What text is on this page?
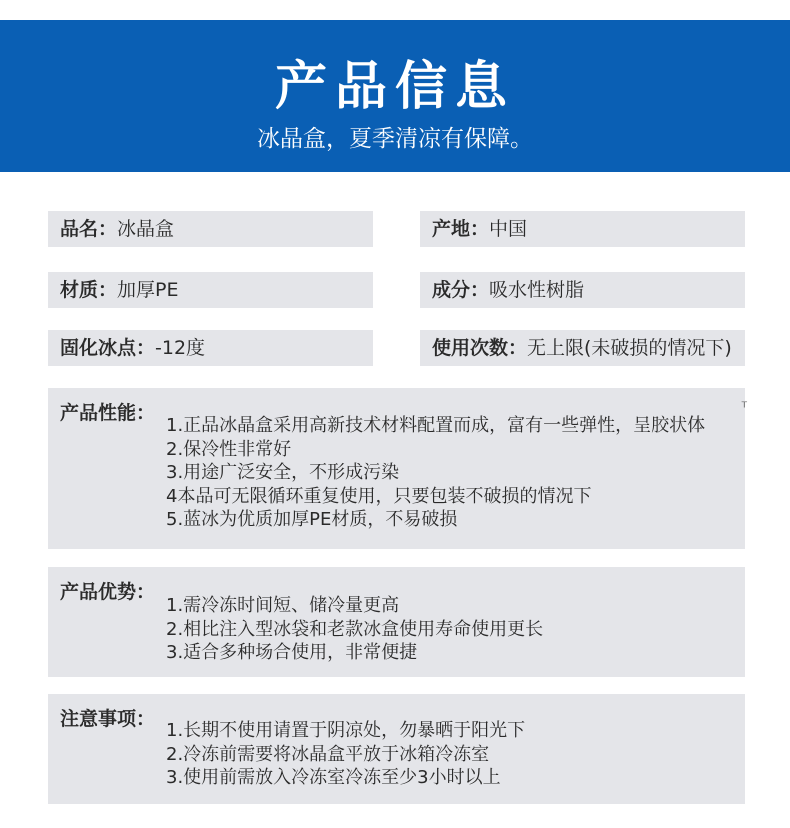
产品信息
冰晶盒，夏季清凉有保障。
品名：冰晶盒	产地：中国
材质：加厚PE	成分：吸水性树脂
固化冰点：-12度	使用次数：无上限(未破损的情况下)
产品性能：	ᵀ
1.正品冰晶盒采用高新技术材料配置而成，富有一些弹性，呈胶状体
2.保冷性非常好
3.用途广泛安全，不形成污染
4本品可无限循环重复使用，只要包装不破损的情况下
5.蓝冰为优质加厚PE材质，不易破损
产品优势：
1.需冷冻时间短、储冷量更高
2.相比注入型冰袋和老款冰盒使用寿命使用更长
3.适合多种场合使用，非常便捷
注意事项：
1.长期不使用请置于阴凉处，勿暴晒于阳光下
2.冷冻前需要将冰晶盒平放于冰箱冷冻室
3.使用前需放入冷冻室冷冻至少3小时以上
